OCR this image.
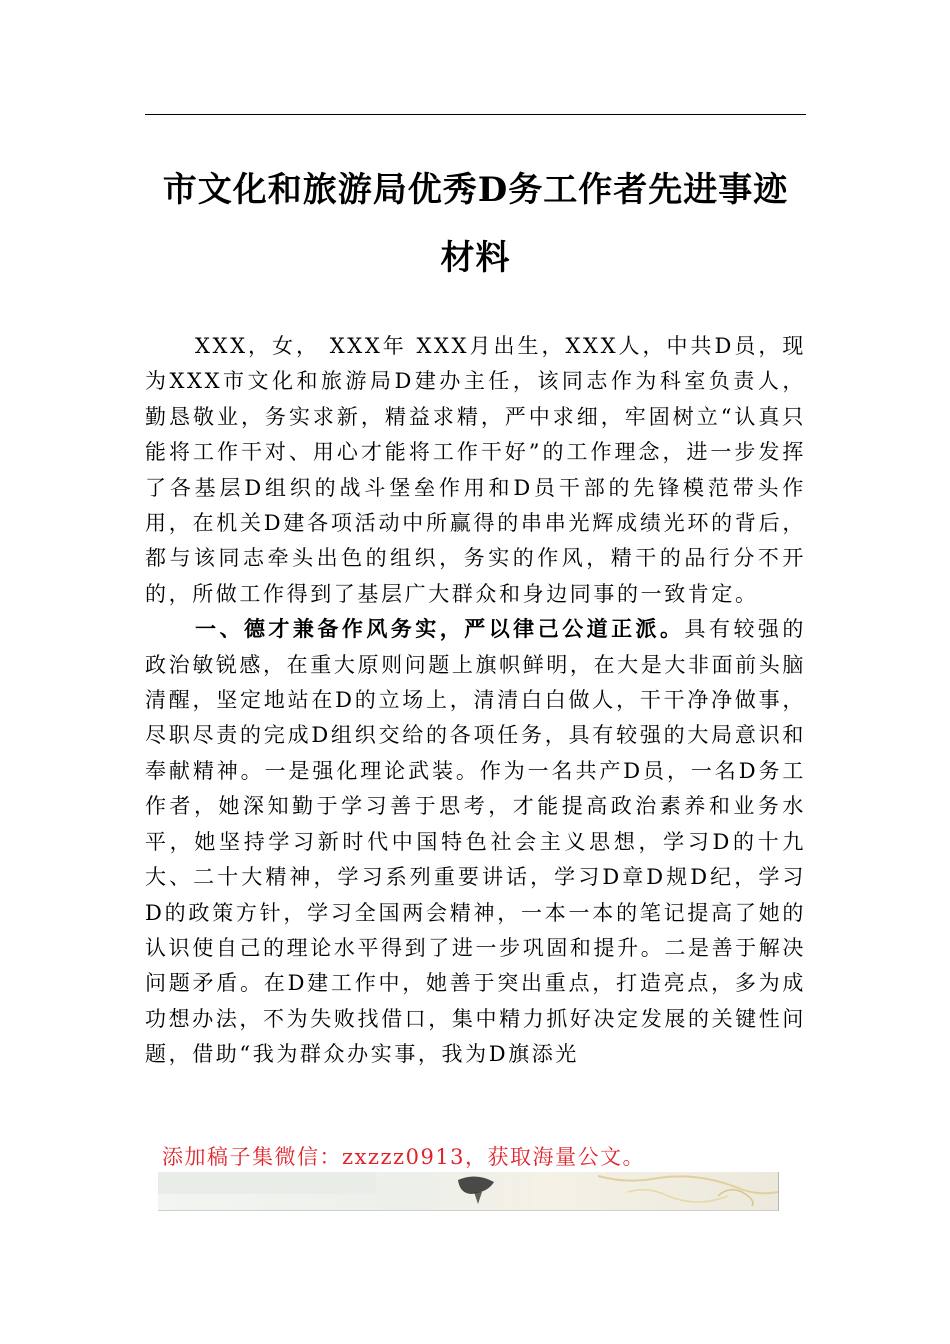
市文化和旅游局优秀D务工作者先进事迹
材料

XXX，女， XXX年 XXX月出生，XXX人，中共D员，现为XXX市文化和旅游局D建办主任，该同志作为科室负责人，勤恳敬业，务实求新，精益求精，严中求细，牢固树立“认真只能将工作干对、用心才能将工作干好”的工作理念，进一步发挥了各基层D组织的战斗堡垒作用和D员干部的先锋模范带头作用，在机关D建各项活动中所赢得的串串光辉成绩光环的背后，都与该同志牵头出色的组织，务实的作风，精干的品行分不开的，所做工作得到了基层广大群众和身边同事的一致肯定。

一、德才兼备作风务实，严以律己公道正派。具有较强的政治敏锐感，在重大原则问题上旗帜鲜明，在大是大非面前头脑清醒，坚定地站在D的立场上，清清白白做人，干干净净做事，尽职尽责的完成D组织交给的各项任务，具有较强的大局意识和奉献精神。一是强化理论武装。作为一名共产D员，一名D务工作者，她深知勤于学习善于思考，才能提高政治素养和业务水平，她坚持学习新时代中国特色社会主义思想，学习D的十九大、二十大精神，学习系列重要讲话，学习D章D规D纪，学习D的政策方针，学习全国两会精神，一本一本的笔记提高了她的认识使自己的理论水平得到了进一步巩固和提升。二是善于解决问题矛盾。在D建工作中，她善于突出重点，打造亮点，多为成功想办法，不为失败找借口，集中精力抓好决定发展的关键性问题，借助“我为群众办实事，我为D旗添光

添加稿子集微信：zxzzz0913，获取海量公文。
